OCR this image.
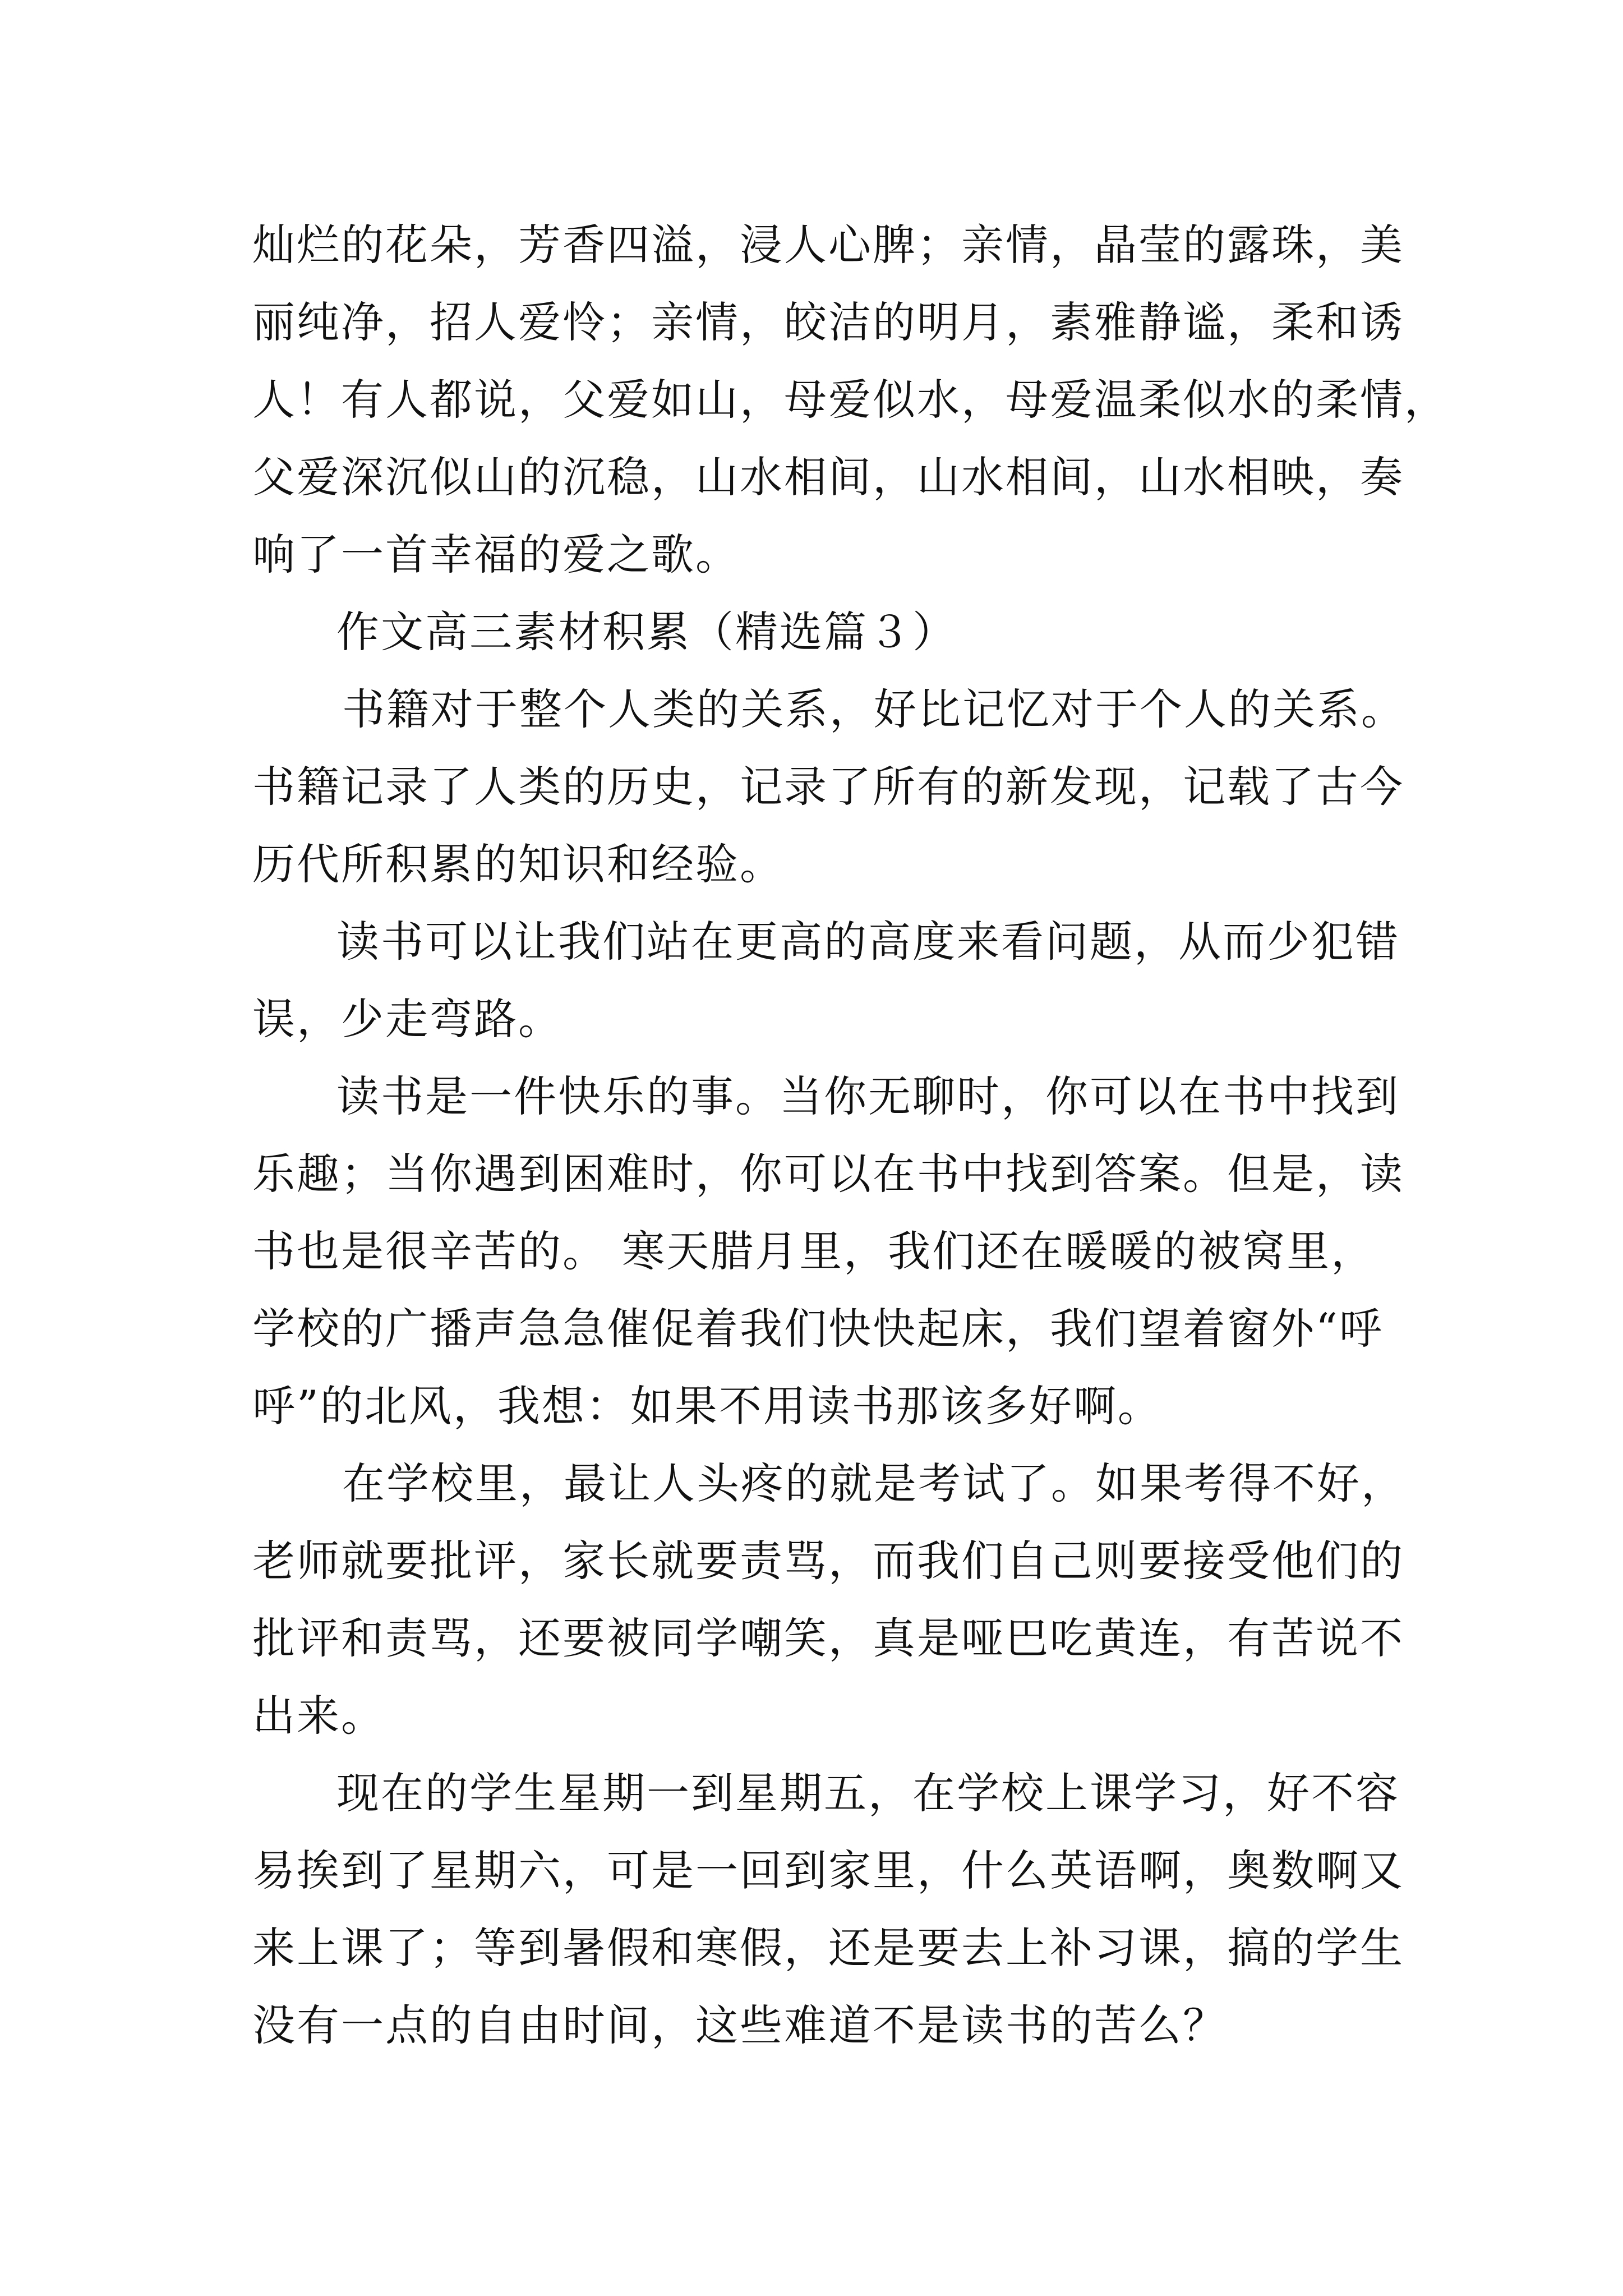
灿烂的花朵，芳香四溢，浸人心脾；亲情，晶莹的露珠，美
丽纯净，招人爱怜；亲情，皎洁的明月，素雅静谧，柔和诱
人！有人都说，父爱如山，母爱似水，母爱温柔似水的柔情，
父爱深沉似山的沉稳，山水相间，山水相间，山水相映，奏
响了一首幸福的爱之歌。
作文高三素材积累（精选篇３）
书籍对于整个人类的关系，好比记忆对于个人的关系。
书籍记录了人类的历史，记录了所有的新发现，记载了古今
历代所积累的知识和经验。
读书可以让我们站在更高的高度来看问题，从而少犯错
误，少走弯路。
读书是一件快乐的事。当你无聊时，你可以在书中找到
乐趣；当你遇到困难时，你可以在书中找到答案。但是，读
书也是很辛苦的。 寒天腊月里，我们还在暖暖的被窝里，
学校的广播声急急催促着我们快快起床，我们望着窗外“呼
呼”的北风，我想：如果不用读书那该多好啊。
在学校里，最让人头疼的就是考试了。如果考得不好，
老师就要批评，家长就要责骂，而我们自己则要接受他们的
批评和责骂，还要被同学嘲笑，真是哑巴吃黄连，有苦说不
出来。
现在的学生星期一到星期五，在学校上课学习，好不容
易挨到了星期六，可是一回到家里，什么英语啊，奥数啊又
来上课了；等到暑假和寒假，还是要去上补习课，搞的学生
没有一点的自由时间，这些难道不是读书的苦么？
